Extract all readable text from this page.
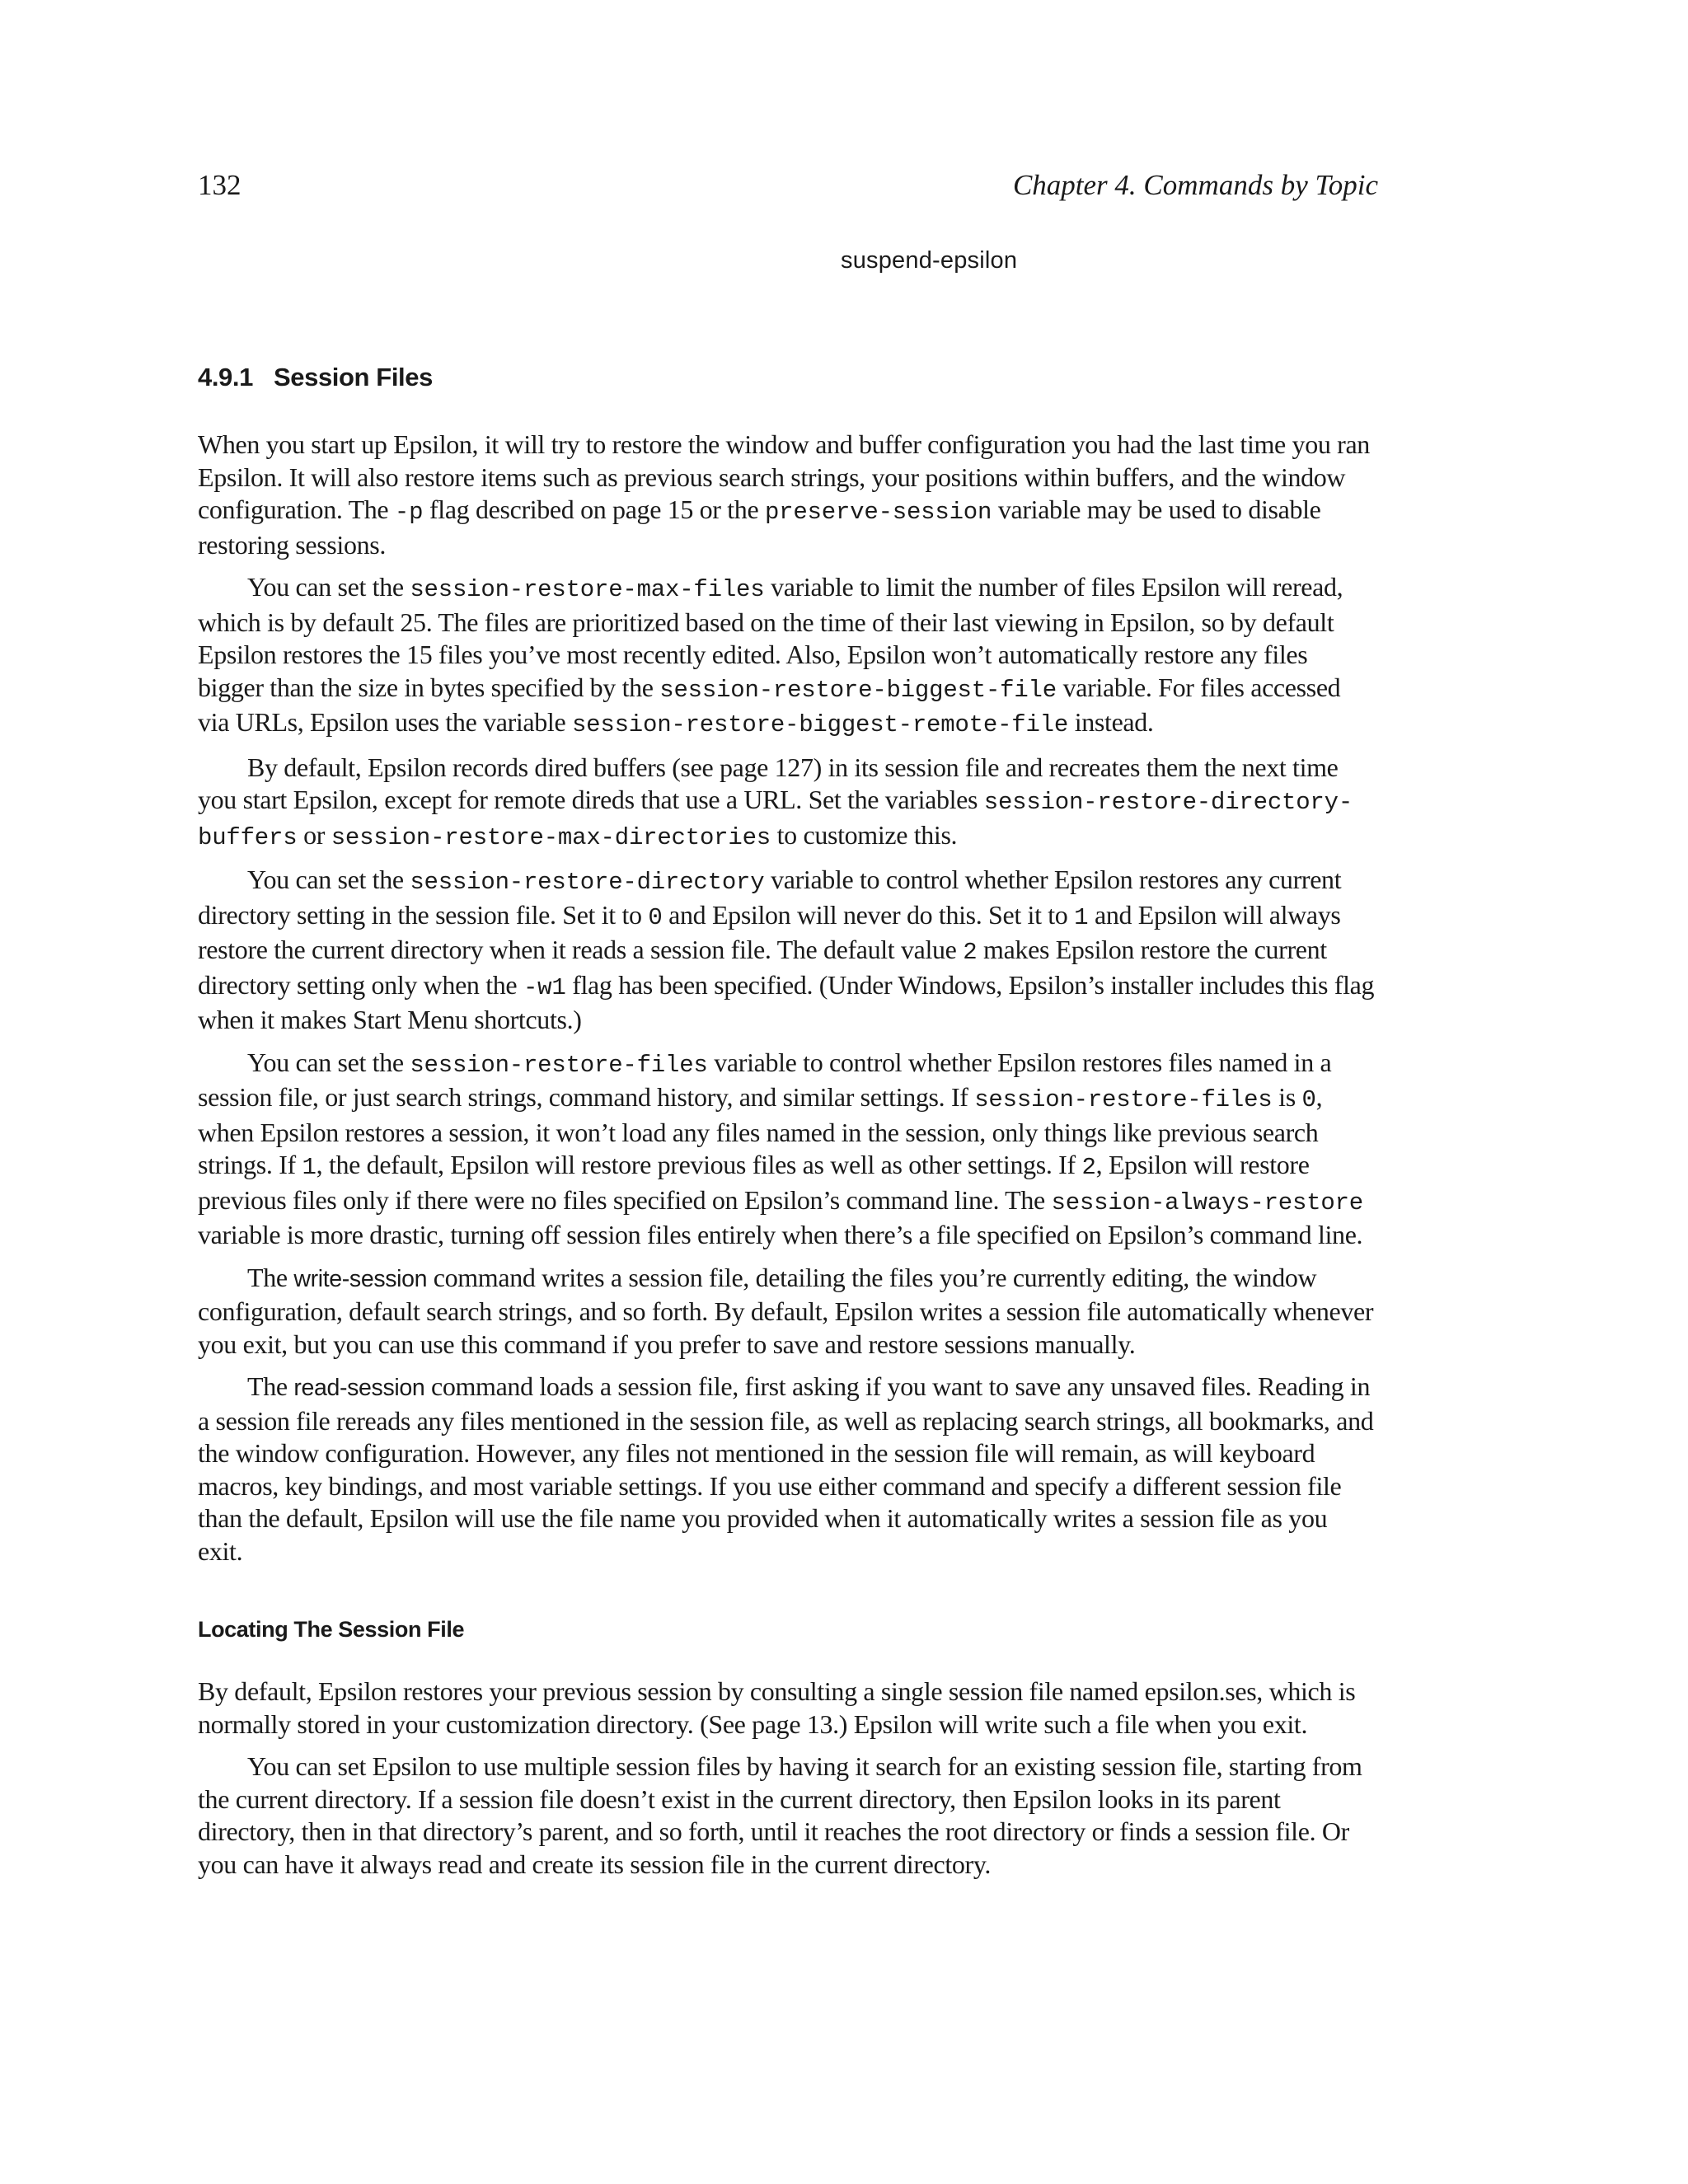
132	Chapter 4. Commands by Topic
suspend-epsilon
4.9.1 Session Files

When you start up Epsilon, it will try to restore the window and buffer configuration you had the last time you ran Epsilon. It will also restore items such as previous search strings, your positions within buffers, and the window configuration. The -p flag described on page 15 or the preserve-session variable may be used to disable restoring sessions.

You can set the session-restore-max-files variable to limit the number of files Epsilon will reread, which is by default 25. The files are prioritized based on the time of their last viewing in Epsilon, so by default Epsilon restores the 15 files you’ve most recently edited. Also, Epsilon won’t automatically restore any files bigger than the size in bytes specified by the session-restore-biggest-file variable. For files accessed via URLs, Epsilon uses the variable session-restore-biggest-remote-file instead.

By default, Epsilon records dired buffers (see page 127) in its session file and recreates them the next time you start Epsilon, except for remote direds that use a URL. Set the variables session-restore-directory-buffers or session-restore-max-directories to customize this.

You can set the session-restore-directory variable to control whether Epsilon restores any current directory setting in the session file. Set it to 0 and Epsilon will never do this. Set it to 1 and Epsilon will always restore the current directory when it reads a session file. The default value 2 makes Epsilon restore the current directory setting only when the -w1 flag has been specified. (Under Windows, Epsilon’s installer includes this flag when it makes Start Menu shortcuts.)

You can set the session-restore-files variable to control whether Epsilon restores files named in a session file, or just search strings, command history, and similar settings. If session-restore-files is 0, when Epsilon restores a session, it won’t load any files named in the session, only things like previous search strings. If 1, the default, Epsilon will restore previous files as well as other settings. If 2, Epsilon will restore previous files only if there were no files specified on Epsilon’s command line. The session-always-restore variable is more drastic, turning off session files entirely when there’s a file specified on Epsilon’s command line.

The write-session command writes a session file, detailing the files you’re currently editing, the window configuration, default search strings, and so forth. By default, Epsilon writes a session file automatically whenever you exit, but you can use this command if you prefer to save and restore sessions manually.

The read-session command loads a session file, first asking if you want to save any unsaved files. Reading in a session file rereads any files mentioned in the session file, as well as replacing search strings, all bookmarks, and the window configuration. However, any files not mentioned in the session file will remain, as will keyboard macros, key bindings, and most variable settings. If you use either command and specify a different session file than the default, Epsilon will use the file name you provided when it automatically writes a session file as you exit.

Locating The Session File

By default, Epsilon restores your previous session by consulting a single session file named epsilon.ses, which is normally stored in your customization directory. (See page 13.) Epsilon will write such a file when you exit.

You can set Epsilon to use multiple session files by having it search for an existing session file, starting from the current directory. If a session file doesn’t exist in the current directory, then Epsilon looks in its parent directory, then in that directory’s parent, and so forth, until it reaches the root directory or finds a session file. Or you can have it always read and create its session file in the current directory.
